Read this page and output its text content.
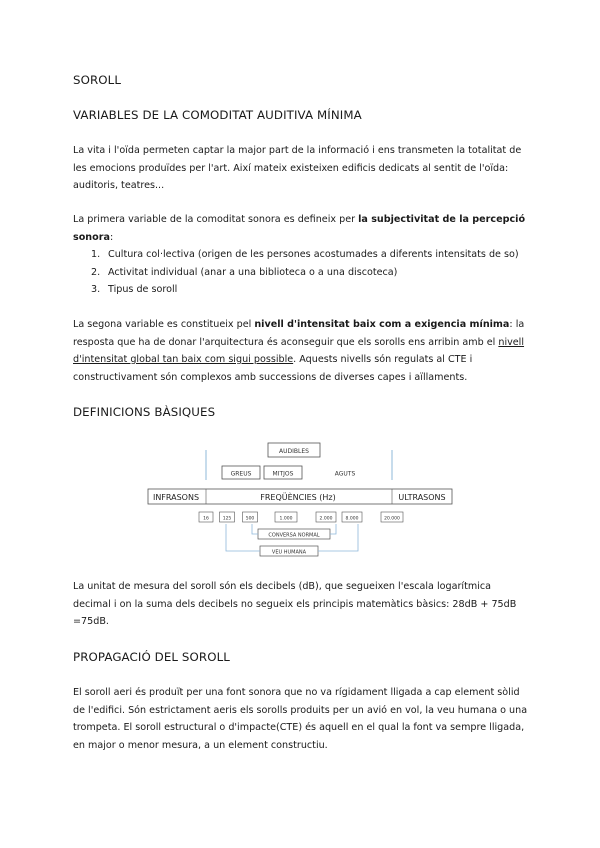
SOROLL
VARIABLES DE LA COMODITAT AUDITIVA MÍNIMA
La vita i l'oïda permeten captar la major part de la informació i ens transmeten la totalitat de les emocions produïdes per l'art. Així mateix existeixen edificis dedicats al sentit de l'oïda: auditoris, teatres...
La primera variable de la comoditat sonora es defineix per la subjectivitat de la percepció sonora:
1. Cultura col·lectiva (origen de les persones acostumades a diferents intensitats de so)
2. Activitat individual (anar a una biblioteca o a una discoteca)
3. Tipus de soroll
La segona variable es constitueix pel nivell d'intensitat baix com a exigencia mínima: la resposta que ha de donar l'arquitectura és aconseguir que els sorolls ens arribin amb el nivell d'intensitat global tan baix com sigui possible. Aquests nivells són regulats al CTE i constructivament són complexos amb successions de diverses capes i aïllaments.
DEFINICIONS BÀSIQUES
AUDIBLES
GREUS	MITJOS	AGUTS
INFRASONS	FREQÜÈNCIES (Hz)	ULTRASONS
16	125	500	1.000	2.000	8.000	20.000
CONVERSA NORMAL
VEU HUMANA
La unitat de mesura del soroll són els decibels (dB), que segueixen l'escala logarítmica decimal i on la suma dels decibels no segueix els principis matemàtics bàsics: 28dB + 75dB =75dB.
PROPAGACIÓ DEL SOROLL
El soroll aeri és produït per una font sonora que no va rígidament lligada a cap element sòlid de l'edifici. Són estrictament aeris els sorolls produits per un avió en vol, la veu humana o una trompeta. El soroll estructural o d'impacte(CTE) és aquell en el qual la font va sempre lligada, en major o menor mesura, a un element constructiu.
